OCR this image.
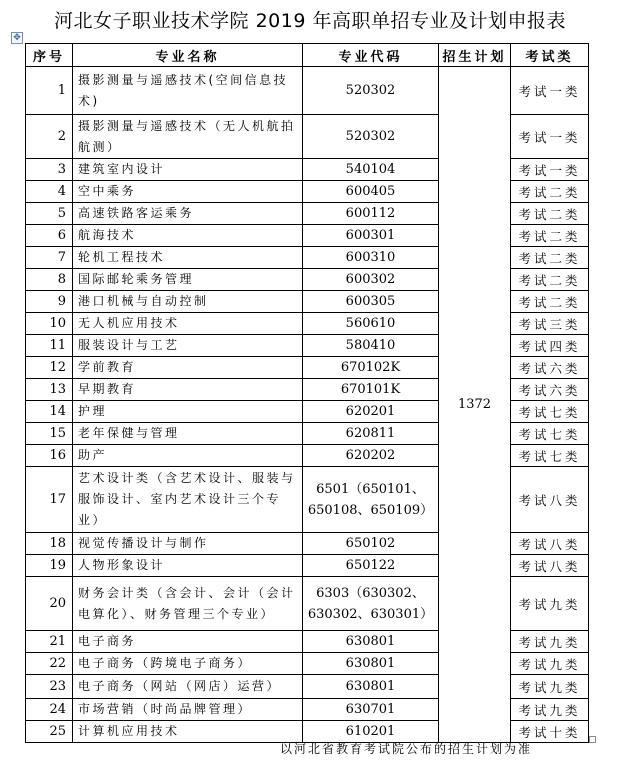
河北女子职业技术学院 2019 年高职单招专业及计划申报表
✥
序号	专业名称	专业代码	招生计划	考试类
1	摄影测量与遥感技术(空间信息技术)	520302	1372	考试一类
2	摄影测量与遥感技术（无人机航拍航测）	520302		考试一类
3	建筑室内设计	540104		考试一类
4	空中乘务	600405		考试二类
5	高速铁路客运乘务	600112		考试二类
6	航海技术	600301		考试二类
7	轮机工程技术	600310		考试二类
8	国际邮轮乘务管理	600302		考试二类
9	港口机械与自动控制	600305		考试二类
10	无人机应用技术	560610		考试三类
11	服装设计与工艺	580410		考试四类
12	学前教育	670102K		考试六类
13	早期教育	670101K		考试六类
14	护理	620201		考试七类
15	老年保健与管理	620811		考试七类
16	助产	620202		考试七类
17	艺术设计类（含艺术设计、服装与服饰设计、室内艺术设计三个专业）	6501（650101、650108、650109）		考试八类
18	视觉传播设计与制作	650102		考试八类
19	人物形象设计	650122		考试八类
20	财务会计类（含会计、会计（会计电算化）、财务管理三个专业）	6303（630302、630302、630301）		考试九类
21	电子商务	630801		考试九类
22	电子商务（跨境电子商务）	630801		考试九类
23	电子商务（网站（网店）运营）	630801		考试九类
24	市场营销（时尚品牌管理）	630701		考试九类
25	计算机应用技术	610201		考试十类
以河北省教育考试院公布的招生计划为准
